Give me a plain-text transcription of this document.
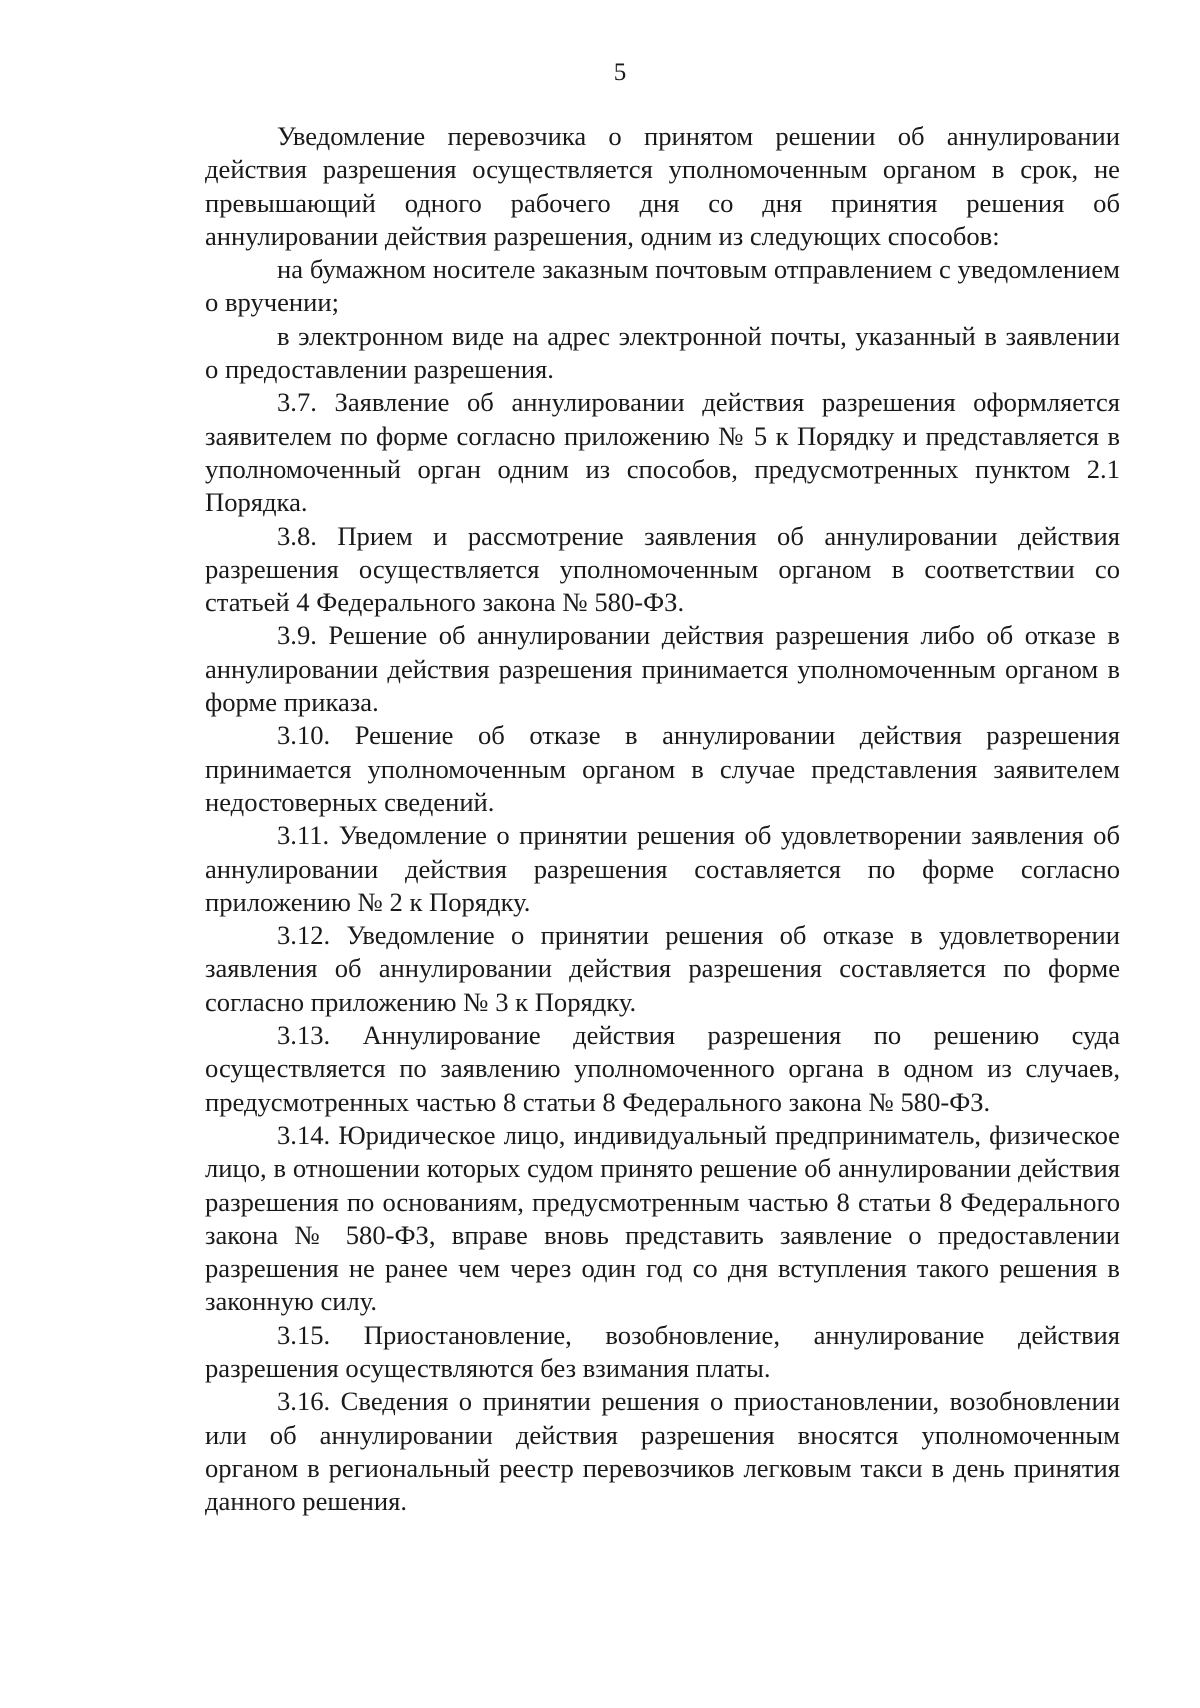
5

Уведомление перевозчика о принятом решении об аннулировании действия разрешения осуществляется уполномоченным органом в срок, не превышающий одного рабочего дня со дня принятия решения об аннулировании действия разрешения, одним из следующих способов:

на бумажном носителе заказным почтовым отправлением с уведомлением о вручении;

в электронном виде на адрес электронной почты, указанный в заявлении о предоставлении разрешения.

3.7. Заявление об аннулировании действия разрешения оформляется заявителем по форме согласно приложению № 5 к Порядку и представляется в уполномоченный орган одним из способов, предусмотренных пунктом 2.1 Порядка.

3.8. Прием и рассмотрение заявления об аннулировании действия разрешения осуществляется уполномоченным органом в соответствии со статьей 4 Федерального закона № 580-ФЗ.

3.9. Решение об аннулировании действия разрешения либо об отказе в аннулировании действия разрешения принимается уполномоченным органом в форме приказа.

3.10. Решение об отказе в аннулировании действия разрешения принимается уполномоченным органом в случае представления заявителем недостоверных сведений.

3.11. Уведомление о принятии решения об удовлетворении заявления об аннулировании действия разрешения составляется по форме согласно приложению № 2 к Порядку.

3.12. Уведомление о принятии решения об отказе в удовлетворении заявления об аннулировании действия разрешения составляется по форме согласно приложению № 3 к Порядку.

3.13. Аннулирование действия разрешения по решению суда осуществляется по заявлению уполномоченного органа в одном из случаев, предусмотренных частью 8 статьи 8 Федерального закона № 580-ФЗ.

3.14. Юридическое лицо, индивидуальный предприниматель, физическое лицо, в отношении которых судом принято решение об аннулировании действия разрешения по основаниям, предусмотренным частью 8 статьи 8 Федерального закона № 580-ФЗ, вправе вновь представить заявление о предоставлении разрешения не ранее чем через один год со дня вступления такого решения в законную силу.

3.15. Приостановление, возобновление, аннулирование действия разрешения осуществляются без взимания платы.

3.16. Сведения о принятии решения о приостановлении, возобновлении или об аннулировании действия разрешения вносятся уполномоченным органом в региональный реестр перевозчиков легковым такси в день принятия данного решения.
